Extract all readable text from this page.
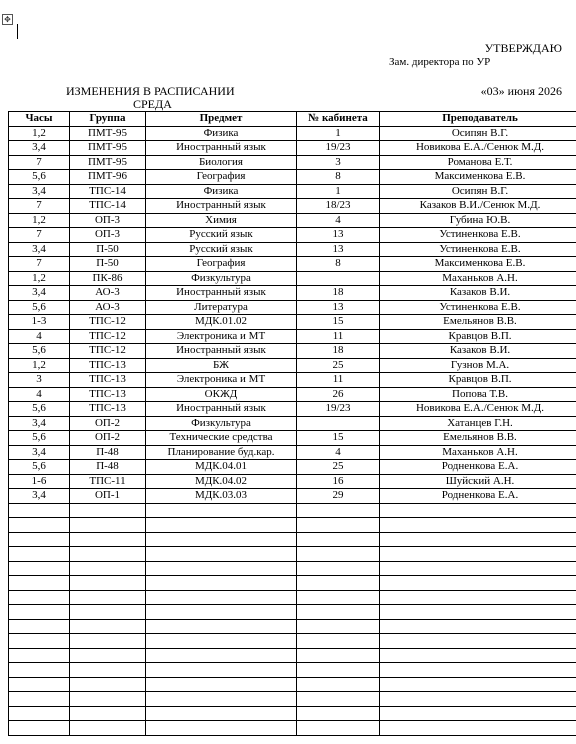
✥
УТВЕРЖДАЮ
Зам. директора по УР
ИЗМЕНЕНИЯ В РАСПИСАНИИ
СРЕДА
«03» июня 2026
Часы	Группа	Предмет	№ кабинета	Преподаватель
1,2	ПМТ-95	Физика	1	Осипян В.Г.
3,4	ПМТ-95	Иностранный язык	19/23	Новикова Е.А./Сенюк М.Д.
7	ПМТ-95	Биология	3	Романова Е.Т.
5,6	ПМТ-96	География	8	Максименкова Е.В.
3,4	ТПС-14	Физика	1	Осипян В.Г.
7	ТПС-14	Иностранный язык	18/23	Казаков В.И./Сенюк М.Д.
1,2	ОП-3	Химия	4	Губина Ю.В.
7	ОП-3	Русский язык	13	Устиненкова Е.В.
3,4	П-50	Русский язык	13	Устиненкова Е.В.
7	П-50	География	8	Максименкова Е.В.
1,2	ПК-86	Физкультура		Маханьков А.Н.
3,4	АО-3	Иностранный язык	18	Казаков В.И.
5,6	АО-3	Литература	13	Устиненкова Е.В.
1-3	ТПС-12	МДК.01.02	15	Емельянов В.В.
4	ТПС-12	Электроника и МТ	11	Кравцов В.П.
5,6	ТПС-12	Иностранный язык	18	Казаков В.И.
1,2	ТПС-13	БЖ	25	Гузнов М.А.
3	ТПС-13	Электроника и МТ	11	Кравцов В.П.
4	ТПС-13	ОКЖД	26	Попова Т.В.
5,6	ТПС-13	Иностранный язык	19/23	Новикова Е.А./Сенюк М.Д.
3,4	ОП-2	Физкультура		Хатанцев Г.Н.
5,6	ОП-2	Технические средства	15	Емельянов В.В.
3,4	П-48	Планирование буд.кар.	4	Маханьков А.Н.
5,6	П-48	МДК.04.01	25	Родненкова Е.А.
1-6	ТПС-11	МДК.04.02	16	Шуйский А.Н.
3,4	ОП-1	МДК.03.03	29	Родненкова Е.А.
